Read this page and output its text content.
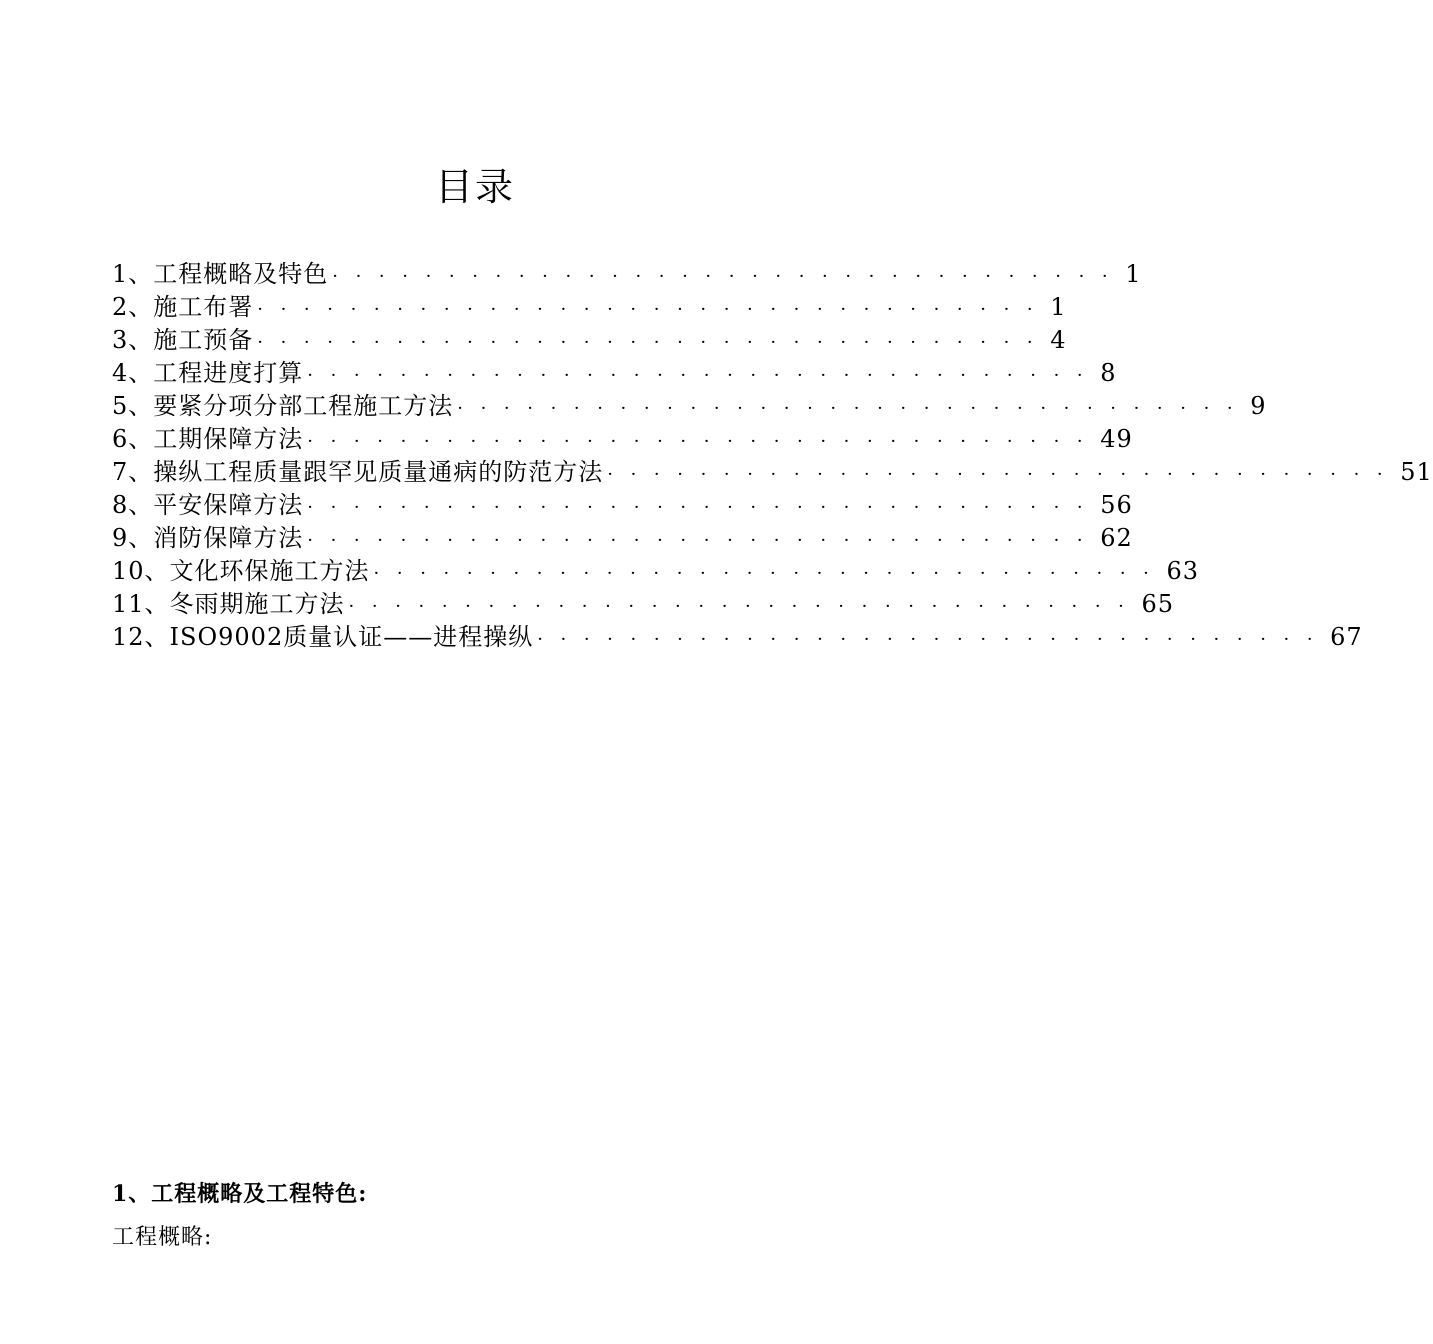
目录
1、工程概略及特色 ·································· 1
2、施工布署 ·································· 1
3、施工预备 ·································· 4
4、工程进度打算 ·································· 8
5、要紧分项分部工程施工方法 ·································· 9
6、工期保障方法 ·································· 49
7、操纵工程质量跟罕见质量通病的防范方法 ·································· 51
8、平安保障方法 ·································· 56
9、消防保障方法 ·································· 62
10、文化环保施工方法 ·································· 63
11、冬雨期施工方法 ·································· 65
12、ISO9002质量认证——进程操纵 ·································· 67
1、工程概略及工程特色:
工程概略:
